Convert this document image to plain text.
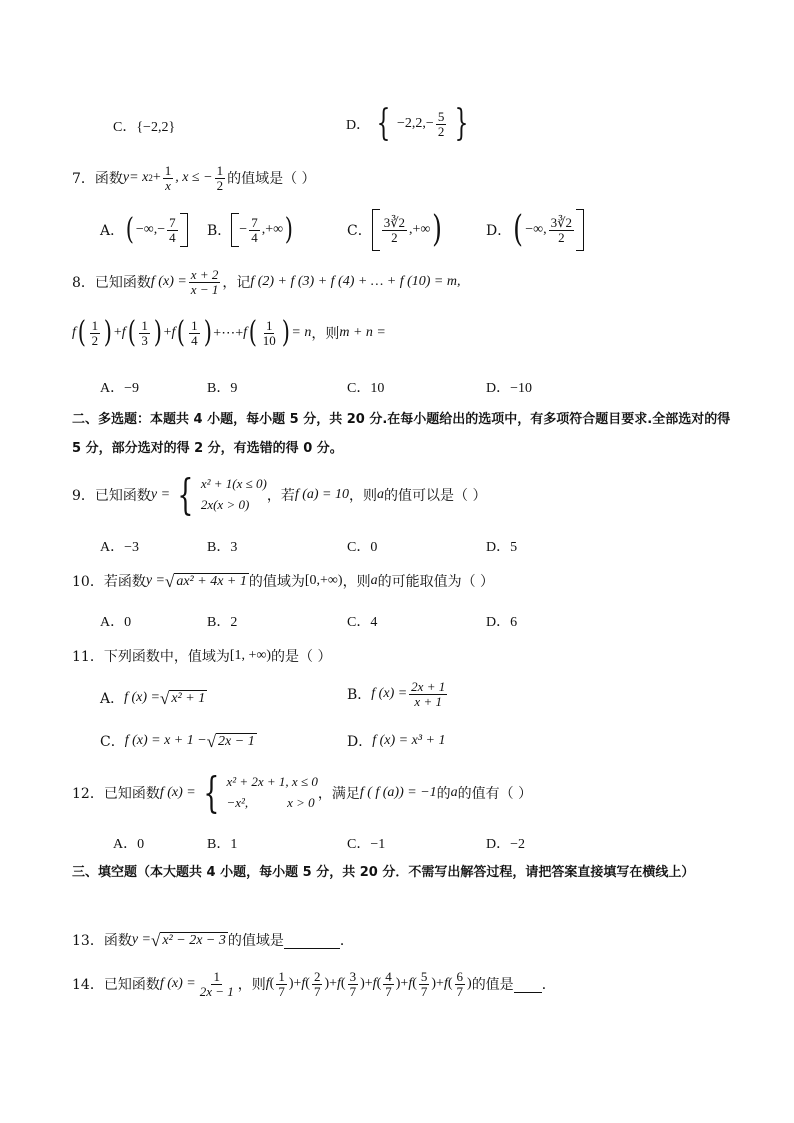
C．{−2,2}	D． { $-2,2,- \frac{5}{2}$ }
7．函数 y = x $2 + \frac{1}{x}$ , x ≤ − $\frac{1}{2}$ 的值域是（ ）
A． ( −∞,− $\frac{7}{4}$ B． − $\frac{7}{4}$ ,+∞ )	C． $\frac{3∛2}{2}$ ,+∞ )	D． ( −∞, $\frac{3∛2}{2}$
8．已知函数 f $(x) = \frac{x + 2}{x - 1}$ ，记 f (2) + f (3) + f (4) + … + f (10) = m,
f ( $\frac{1}{2}$ ) + f ( $\frac{1}{3}$ ) + f ( $\frac{1}{4}$ ) +⋯+ f ( $\frac{1}{10}$ ) = n ，则 m + n =
A．−9	B．9	C．10	D．−10
二、多选题：本题共 4 小题，每小题 5 分，共 20 分.在每小题给出的选项中，有多项符合题目要求.全部选对的得 5 分，部分选对的得 2 分，有选错的得 0 分。
9．已知函数 y = { x² + 1(x ≤ 0)
2x(x > 0)
，若 f (a) = 10 ，则 a 的值可以是（ ）
A．−3	B．3	C．0	D．5
10．若函数 y = √ ax² + 4x + 1 的值域为 [0,+∞) ，则 a 的可能取值为（ ）
A．0	B．2	C．4	D．6
11．下列函数中，值域为 [1, +∞) 的是（ ）
A． f (x) = √ x² + 1	B． f $(x) = \frac{2x + 1}{x + 1}$
C． f (x) = x + 1 − √ 2x − 1	D． f (x) = x³ + 1
12．已知函数 f (x) = { x² + 2x + 1, x ≤ 0
−x²,            x > 0
，满足 f ( f (a)) = −1 的 a 的值有（ ）
A．0	B．1	C．−1	D．−2
三、填空题（本大题共 4 小题，每小题 5 分，共 20 分．不需写出解答过程，请把答案直接填写在横线上）
13．函数 y = √ x² − 2x − 3 的值域是
	．
14．已知函数 f $(x) = \frac{1}{2x - 1}$ ，则 f ( $\frac{1}{7}$ ) + f ( $\frac{2}{7}$ ) + f ( $\frac{3}{7}$ ) + f ( $\frac{4}{7}$ ) + f ( $\frac{5}{7}$ ) + f ( $\frac{6}{7}$ ) 的值是
．
